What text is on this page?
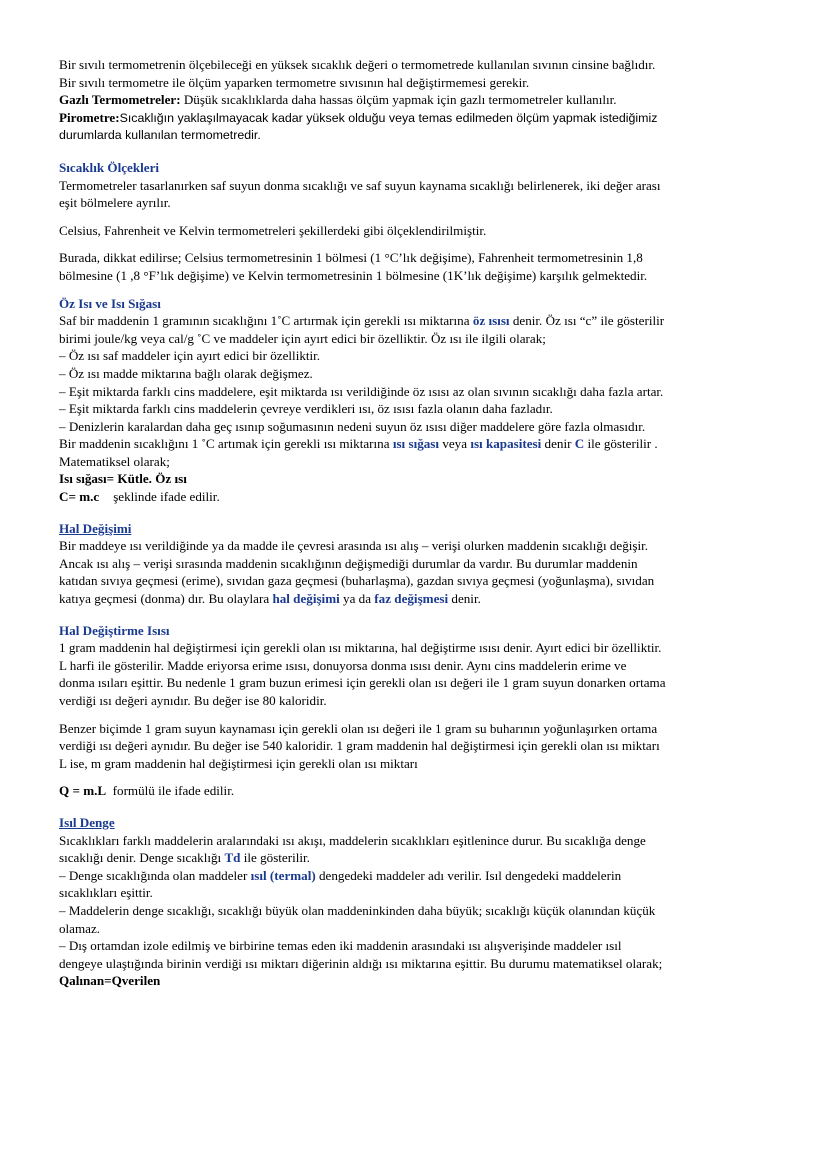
Bir sıvılı termometrenin ölçebileceği en yüksek sıcaklık değeri o termometrede kullanılan sıvının cinsine bağlıdır.

Bir sıvılı termometre ile ölçüm yaparken termometre sıvısının hal değiştirmemesi gerekir.

Gazlı Termometreler: Düşük sıcaklıklarda daha hassas ölçüm yapmak için gazlı termometreler kullanılır.

Pirometre:Sıcaklığın yaklaşılmayacak kadar yüksek olduğu veya temas edilmeden ölçüm yapmak istediğimiz

durumlarda kullanılan termometredir.

Sıcaklık Ölçekleri

Termometreler tasarlanırken saf suyun donma sıcaklığı ve saf suyun kaynama sıcaklığı belirlenerek, iki değer arası

eşit bölmelere ayrılır.

Celsius, Fahrenheit ve Kelvin termometreleri şekillerdeki gibi ölçeklendirilmiştir.

Burada, dikkat edilirse; Celsius termometresinin 1 bölmesi (1 °C’lık değişime), Fahrenheit termometresinin 1,8

bölmesine (1 ,8 °F’lık değişime) ve Kelvin termometresinin 1 bölmesine (1K’lık değişime) karşılık gelmektedir.

Öz Isı ve Isı Sığası

Saf bir maddenin 1 gramının sıcaklığını 1˚C artırmak için gerekli ısı miktarına öz ısısı denir. Öz ısı “c” ile gösterilir

birimi joule/kg veya cal/g ˚C ve maddeler için ayırt edici bir özelliktir. Öz ısı ile ilgili olarak;

– Öz ısı saf maddeler için ayırt edici bir özelliktir.

– Öz ısı madde miktarına bağlı olarak değişmez.

– Eşit miktarda farklı cins maddelere, eşit miktarda ısı verildiğinde öz ısısı az olan sıvının sıcaklığı daha fazla artar.

– Eşit miktarda farklı cins maddelerin çevreye verdikleri ısı, öz ısısı fazla olanın daha fazladır.

– Denizlerin karalardan daha geç ısınıp soğumasının nedeni suyun öz ısısı diğer maddelere göre fazla olmasıdır.

Bir maddenin sıcaklığını 1 ˚C artımak için gerekli ısı miktarına ısı sığası veya ısı kapasitesi denir C ile gösterilir .

Matematiksel olarak;

Isı sığası= Kütle. Öz ısı

C= m.c şeklinde ifade edilir.

Hal Değişimi

Bir maddeye ısı verildiğinde ya da madde ile çevresi arasında ısı alış – verişi olurken maddenin sıcaklığı değişir.

Ancak ısı alış – verişi sırasında maddenin sıcaklığının değişmediği durumlar da vardır. Bu durumlar maddenin

katıdan sıvıya geçmesi (erime), sıvıdan gaza geçmesi (buharlaşma), gazdan sıvıya geçmesi (yoğunlaşma), sıvıdan

katıya geçmesi (donma) dır. Bu olaylara hal değişimi ya da faz değişmesi denir.

Hal Değiştirme Isısı

1 gram maddenin hal değiştirmesi için gerekli olan ısı miktarına, hal değiştirme ısısı denir. Ayırt edici bir özelliktir.

L harfi ile gösterilir. Madde eriyorsa erime ısısı, donuyorsa donma ısısı denir. Aynı cins maddelerin erime ve

donma ısıları eşittir. Bu nedenle 1 gram buzun erimesi için gerekli olan ısı değeri ile 1 gram suyun donarken ortama

verdiği ısı değeri aynıdır. Bu değer ise 80 kaloridir.

Benzer biçimde 1 gram suyun kaynaması için gerekli olan ısı değeri ile 1 gram su buharının yoğunlaşırken ortama

verdiği ısı değeri aynıdır. Bu değer ise 540 kaloridir. 1 gram maddenin hal değiştirmesi için gerekli olan ısı miktarı

L ise, m gram maddenin hal değiştirmesi için gerekli olan ısı miktarı

Q = m.L  formülü ile ifade edilir.

Isıl Denge

Sıcaklıkları farklı maddelerin aralarındaki ısı akışı, maddelerin sıcaklıkları eşitlenince durur. Bu sıcaklığa denge

sıcaklığı denir. Denge sıcaklığı Td ile gösterilir.

– Denge sıcaklığında olan maddeler ısıl (termal) dengedeki maddeler adı verilir. Isıl dengedeki maddelerin

sıcaklıkları eşittir.

– Maddelerin denge sıcaklığı, sıcaklığı büyük olan maddeninkinden daha büyük; sıcaklığı küçük olanından küçük

olamaz.

– Dış ortamdan izole edilmiş ve birbirine temas eden iki maddenin arasındaki ısı alışverişinde maddeler ısıl

dengeye ulaştığında birinin verdiği ısı miktarı diğerinin aldığı ısı miktarına eşittir. Bu durumu matematiksel olarak;

Qalınan=Qverilen
